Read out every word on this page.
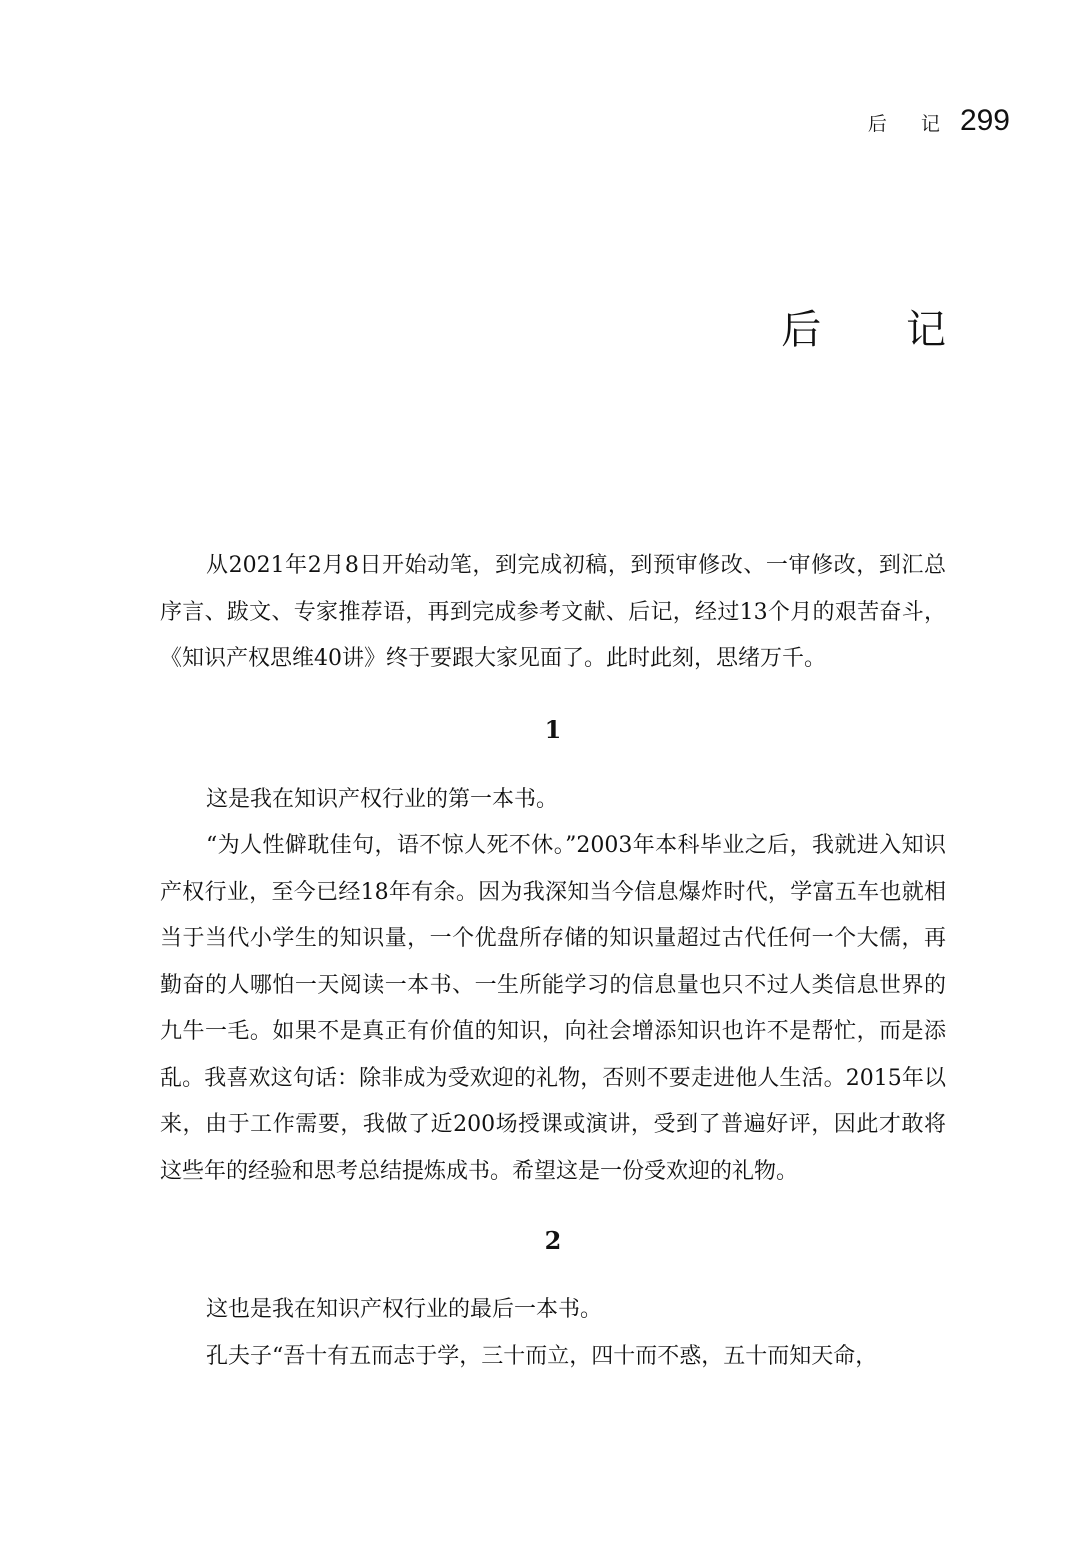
后 记 299
后 记

从2021年2月8日开始动笔，到完成初稿，到预审修改、一审修改，到汇总序言、跋文、专家推荐语，再到完成参考文献、后记，经过13个月的艰苦奋斗，《知识产权思维40讲》终于要跟大家见面了。此时此刻，思绪万千。

1

这是我在知识产权行业的第一本书。

“为人性僻耽佳句，语不惊人死不休。”2003年本科毕业之后，我就进入知识产权行业，至今已经18年有余。因为我深知当今信息爆炸时代，学富五车也就相当于当代小学生的知识量，一个优盘所存储的知识量超过古代任何一个大儒，再勤奋的人哪怕一天阅读一本书、一生所能学习的信息量也只不过人类信息世界的九牛一毛。如果不是真正有价值的知识，向社会增添知识也许不是帮忙，而是添乱。我喜欢这句话：除非成为受欢迎的礼物，否则不要走进他人生活。2015年以来，由于工作需要，我做了近200场授课或演讲，受到了普遍好评，因此才敢将这些年的经验和思考总结提炼成书。希望这是一份受欢迎的礼物。

2

这也是我在知识产权行业的最后一本书。

孔夫子“吾十有五而志于学，三十而立，四十而不惑，五十而知天命，
